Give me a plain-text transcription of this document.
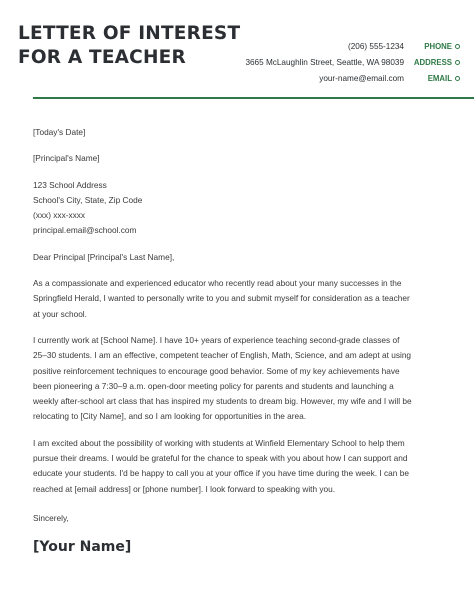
LETTER OF INTEREST
FOR A TEACHER
(206) 555-1234	PHONE
3665 McLaughlin Street, Seattle, WA 98039	ADDRESS
your-name@email.com	EMAIL
[Today's Date]
[Principal's Name]
123 School Address
School's City, State, Zip Code
(xxx) xxx-xxxx
principal.email@school.com
Dear Principal [Principal's Last Name],
As a compassionate and experienced educator who recently read about your many successes in the
Springfield Herald, I wanted to personally write to you and submit myself for consideration as a teacher
at your school.
I currently work at [School Name]. I have 10+ years of experience teaching second-grade classes of
25–30 students. I am an effective, competent teacher of English, Math, Science, and am adept at using
positive reinforcement techniques to encourage good behavior. Some of my key achievements have
been pioneering a 7:30–9 a.m. open-door meeting policy for parents and students and launching a
weekly after-school art class that has inspired my students to dream big. However, my wife and I will be
relocating to [City Name], and so I am looking for opportunities in the area.
I am excited about the possibility of working with students at Winfield Elementary School to help them
pursue their dreams. I would be grateful for the chance to speak with you about how I can support and
educate your students. I'd be happy to call you at your office if you have time during the week. I can be
reached at [email address] or [phone number]. I look forward to speaking with you.
Sincerely,
[Your Name]
